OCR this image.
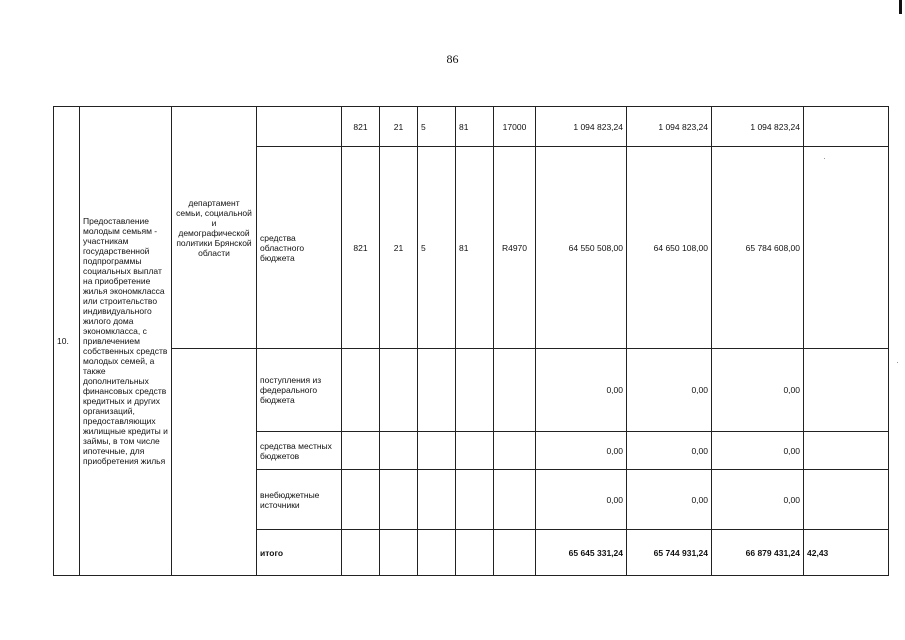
86
10.	Предоставление молодым семьям - участникам государственной подпрограммы социальных выплат на приобретение жилья экономкласса или строительство индивидуального жилого дома экономкласса, с привлечением собственных средств молодых семей, а также дополнительных финансовых средств кредитных и других организаций, предоставляющих жилищные кредиты и займы, в том числе ипотечные, для приобретения жилья	департамент семьи, социальной и демографической политики Брянской области		821	21	5	81	17000	1 094 823,24	1 094 823,24	1 094 823,24	
			средства областного бюджета	821	21	5	81	R4970	64 550 508,00	64 650 108,00	65 784 608,00	
			поступления из федерального бюджета						0,00	0,00	0,00	
			средства местных бюджетов						0,00	0,00	0,00	
			внебюджетные источники						0,00	0,00	0,00	
			итого						65 645 331,24	65 744 931,24	66 879 431,24	42,43
